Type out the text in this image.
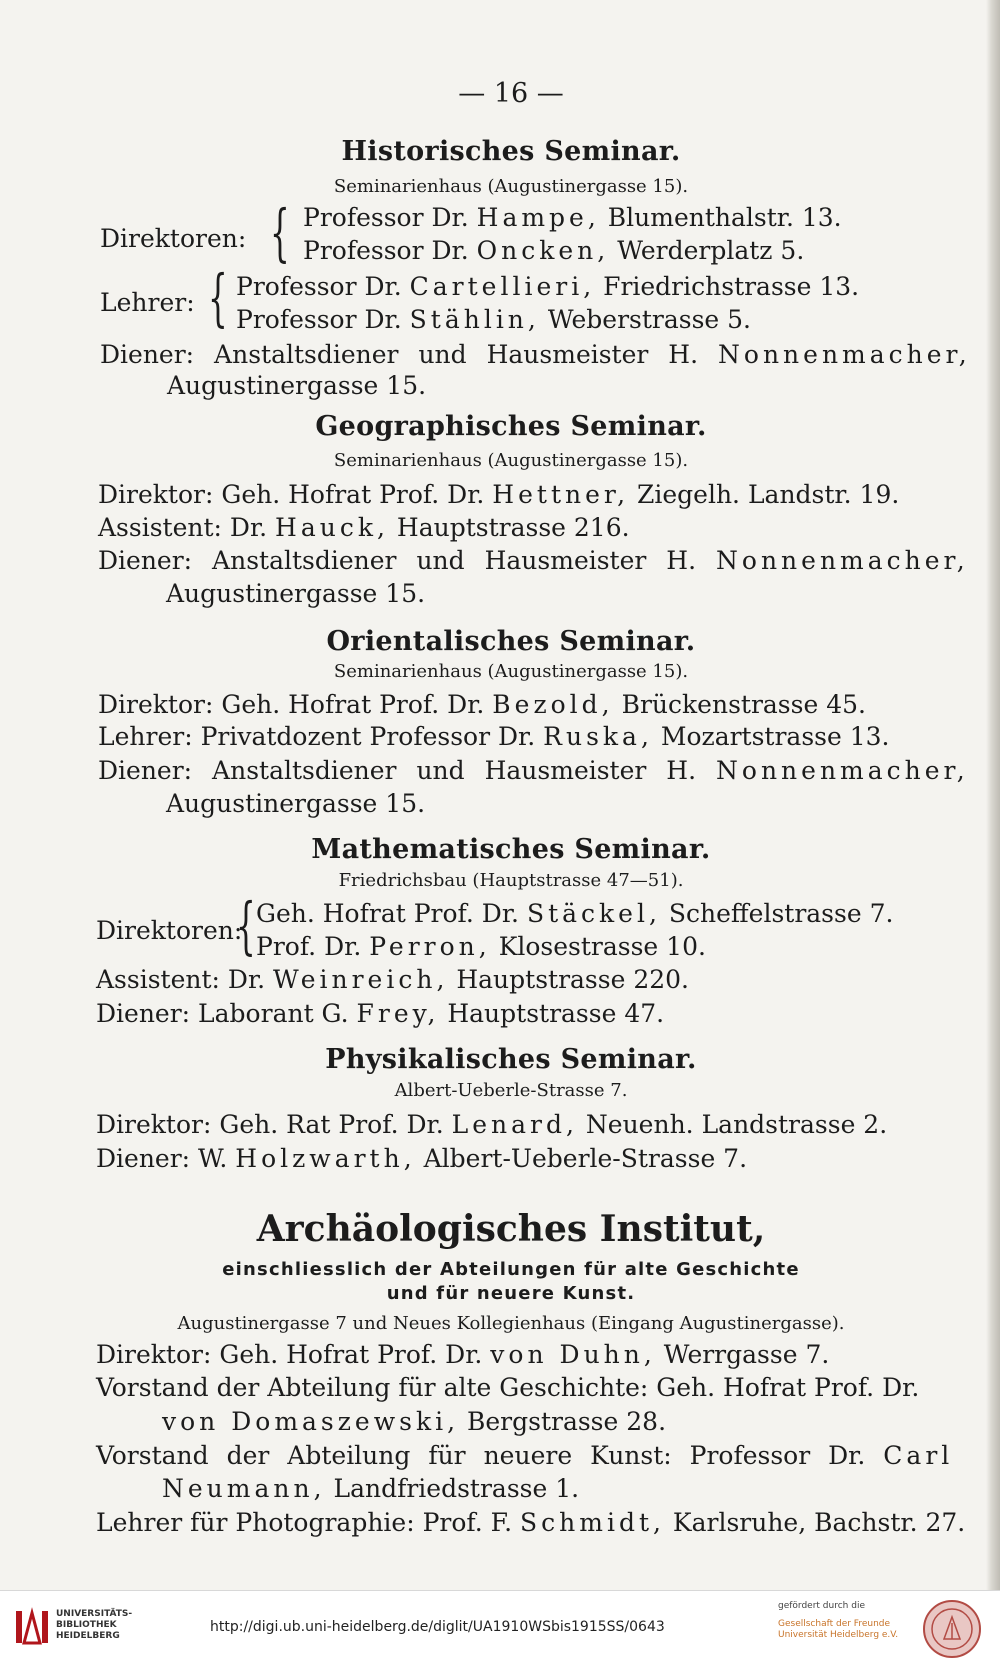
— 16 —
Historisches Seminar.
Seminarienhaus (Augustinergasse 15).
Direktoren: { Professor Dr. Hampe, Blumenthalstr. 13.
Professor Dr. Oncken, Werderplatz 5.
Lehrer: { Professor Dr. Cartellieri, Friedrichstrasse 13.
Professor Dr. Stählin, Weberstrasse 5.
Diener: Anstaltsdiener und Hausmeister H. Nonnenmacher,
Augustinergasse 15.
Geographisches Seminar.
Seminarienhaus (Augustinergasse 15).
Direktor: Geh. Hofrat Prof. Dr. Hettner, Ziegelh. Landstr. 19.
Assistent: Dr. Hauck, Hauptstrasse 216.
Diener: Anstaltsdiener und Hausmeister H. Nonnenmacher,
Augustinergasse 15.
Orientalisches Seminar.
Seminarienhaus (Augustinergasse 15).
Direktor: Geh. Hofrat Prof. Dr. Bezold, Brückenstrasse 45.
Lehrer: Privatdozent Professor Dr. Ruska, Mozartstrasse 13.
Diener: Anstaltsdiener und Hausmeister H. Nonnenmacher,
Augustinergasse 15.
Mathematisches Seminar.
Friedrichsbau (Hauptstrasse 47—51).
Direktoren:
{ Geh. Hofrat Prof. Dr. Stäckel, Scheffelstrasse 7.
Prof. Dr. Perron, Klosestrasse 10.
Assistent: Dr. Weinreich, Hauptstrasse 220.
Diener: Laborant G. Frey, Hauptstrasse 47.
Physikalisches Seminar.
Albert-Ueberle-Strasse 7.
Direktor: Geh. Rat Prof. Dr. Lenard, Neuenh. Landstrasse 2.
Diener: W. Holzwarth, Albert-Ueberle-Strasse 7.
Archäologisches Institut,
einschliesslich der Abteilungen für alte Geschichte
und für neuere Kunst.
Augustinergasse 7 und Neues Kollegienhaus (Eingang Augustinergasse).
Direktor: Geh. Hofrat Prof. Dr. von Duhn, Werrgasse 7.
Vorstand der Abteilung für alte Geschichte: Geh. Hofrat Prof. Dr.
von Domaszewski, Bergstrasse 28.
Vorstand der Abteilung für neuere Kunst: Professor Dr. Carl
Neumann, Landfriedstrasse 1.
Lehrer für Photographie: Prof. F. Schmidt, Karlsruhe, Bachstr. 27.
UNIVERSITÄTS-
BIBLIOTHEK
HEIDELBERG
http://digi.ub.uni-heidelberg.de/diglit/UA1910WSbis1915SS/0643
gefördert durch die
Gesellschaft der Freunde
Universität Heidelberg e.V.
